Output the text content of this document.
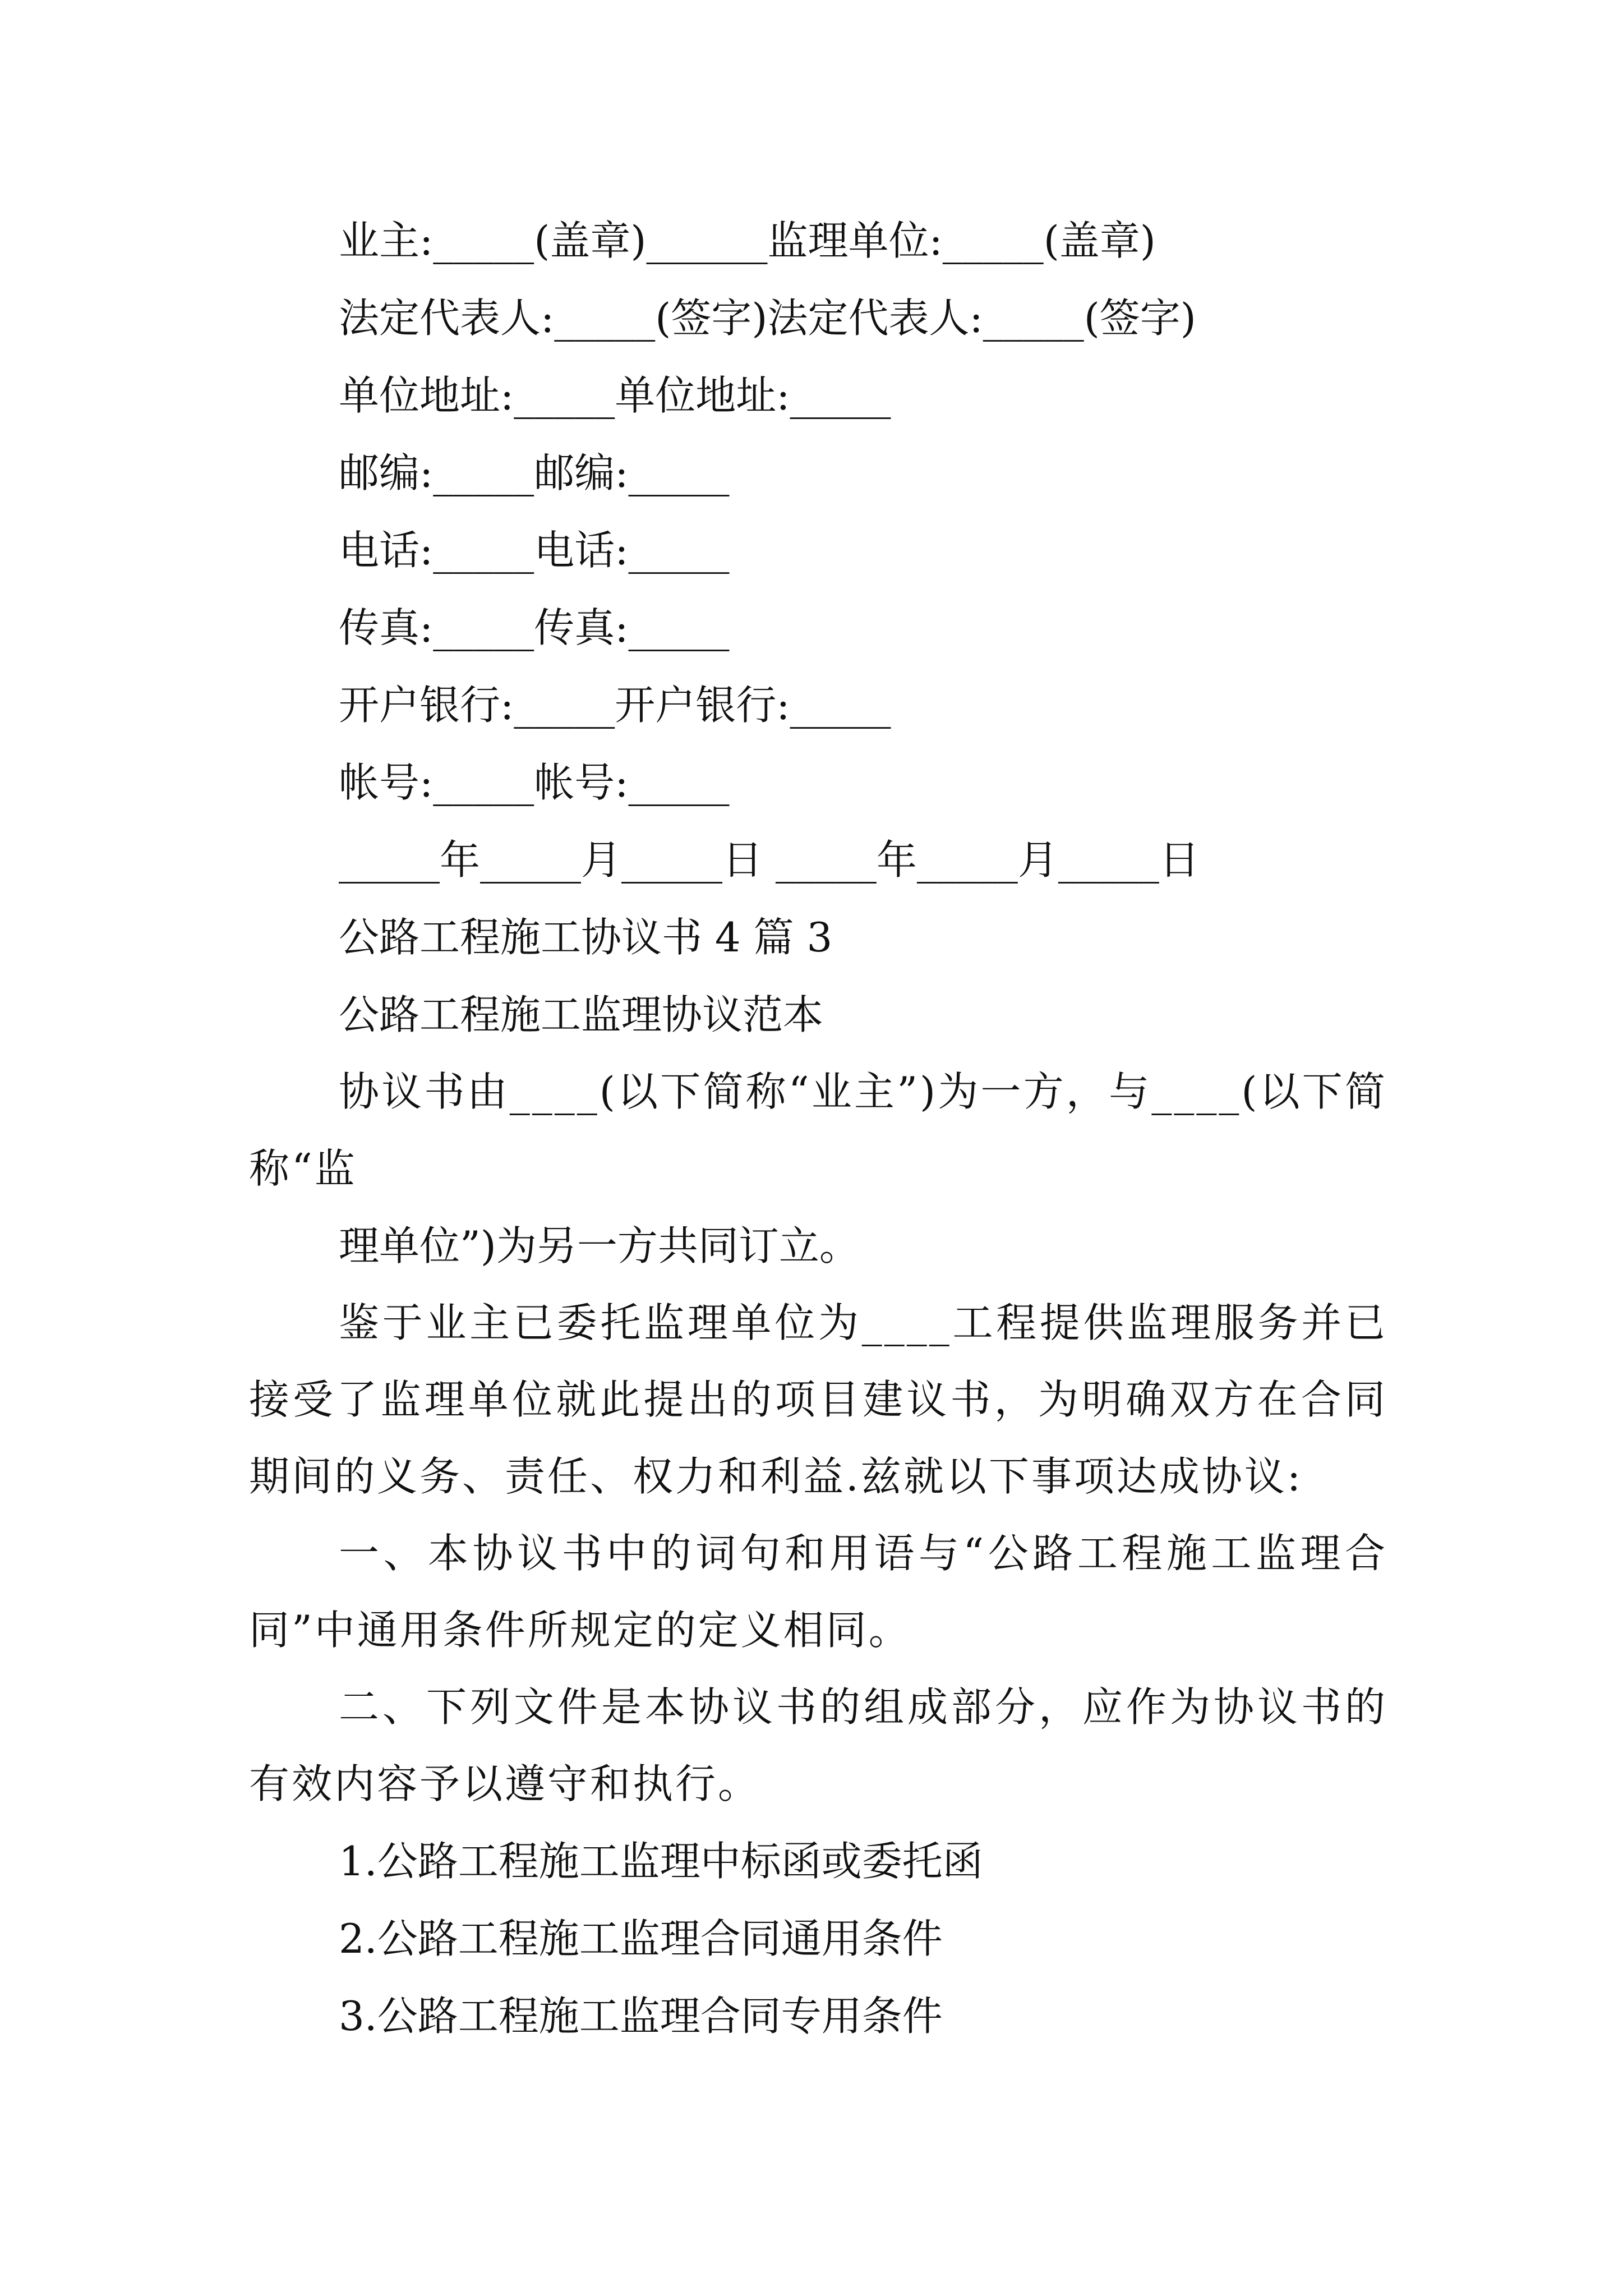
业主:_____(盖章)______监理单位:_____(盖章)
法定代表人:_____(签字)法定代表人:_____(签字)
单位地址:_____单位地址:_____
邮编:_____邮编:_____
电话:_____电话:_____
传真:_____传真:_____
开户银行:_____开户银行:_____
帐号:_____帐号:_____
_____年_____月_____日 _____年_____月_____日
公路工程施工协议书 4 篇 3
公路工程施工监理协议范本

协议书由____(以下简称“业主”)为一方，与____(以下简称“监

理单位”)为另一方共同订立。

鉴于业主已委托监理单位为____工程提供监理服务并已接受了监理单位就此提出的项目建议书，为明确双方在合同期间的义务、责任、权力和利益.兹就以下事项达成协议:

一、本协议书中的词句和用语与“公路工程施工监理合同”中通用条件所规定的定义相同。

二、下列文件是本协议书的组成部分，应作为协议书的有效内容予以遵守和执行。

1.公路工程施工监理中标函或委托函
2.公路工程施工监理合同通用条件
3.公路工程施工监理合同专用条件
